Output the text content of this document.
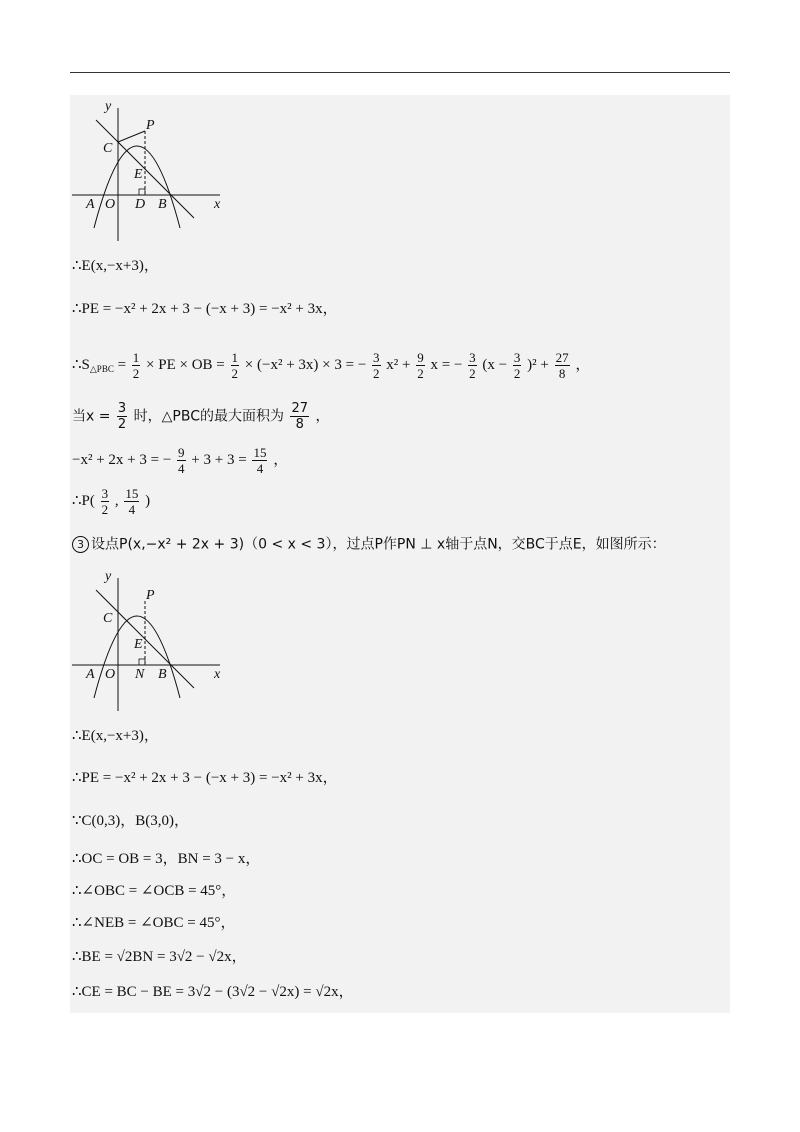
y
x
P
C
E
A O D B
∴E(x,−x+3)，
∴PE = −x² + 2x + 3 − (−x + 3) = −x² + 3x，
$\therefore S_{\triangle PBC} = \frac{1}{2}$ × PE × OB = $\frac{1}{2} \times (-x^2 + 3x) \times 3$ = − $\frac{3}{2} x^2 + \frac{9}{2}$ x = − $\frac{3}{2} (x - \frac{3}{2} )^2 + \frac{27}{8}$ ，
当$x = \frac{3}{2}$ 时，△PBC的最大面积为 $\frac{27}{8}$ ，
−x² + 2x + 3 = − $\frac{9}{4} + 3 + 3 = \frac{15}{4}$ ，
∴P( $\frac{3}{2}$ , $\frac{15}{4}$ )
3 设点P(x,−x² + 2x + 3)（0 < x < 3），过点P作PN ⊥ x轴于点N，交BC于点E，如图所示：
y
x
P
C
E
A O N B
∴E(x,−x+3)，
∴PE = −x² + 2x + 3 − (−x + 3) = −x² + 3x，
∵C(0,3)，B(3,0)，
∴OC = OB = 3，BN = 3 − x，
∴∠OBC = ∠OCB = 45°，
∴∠NEB = ∠OBC = 45°，
∴BE = √2BN = 3√2 − √2x，
∴CE = BC − BE = 3√2 − (3√2 − √2x) = √2x，
